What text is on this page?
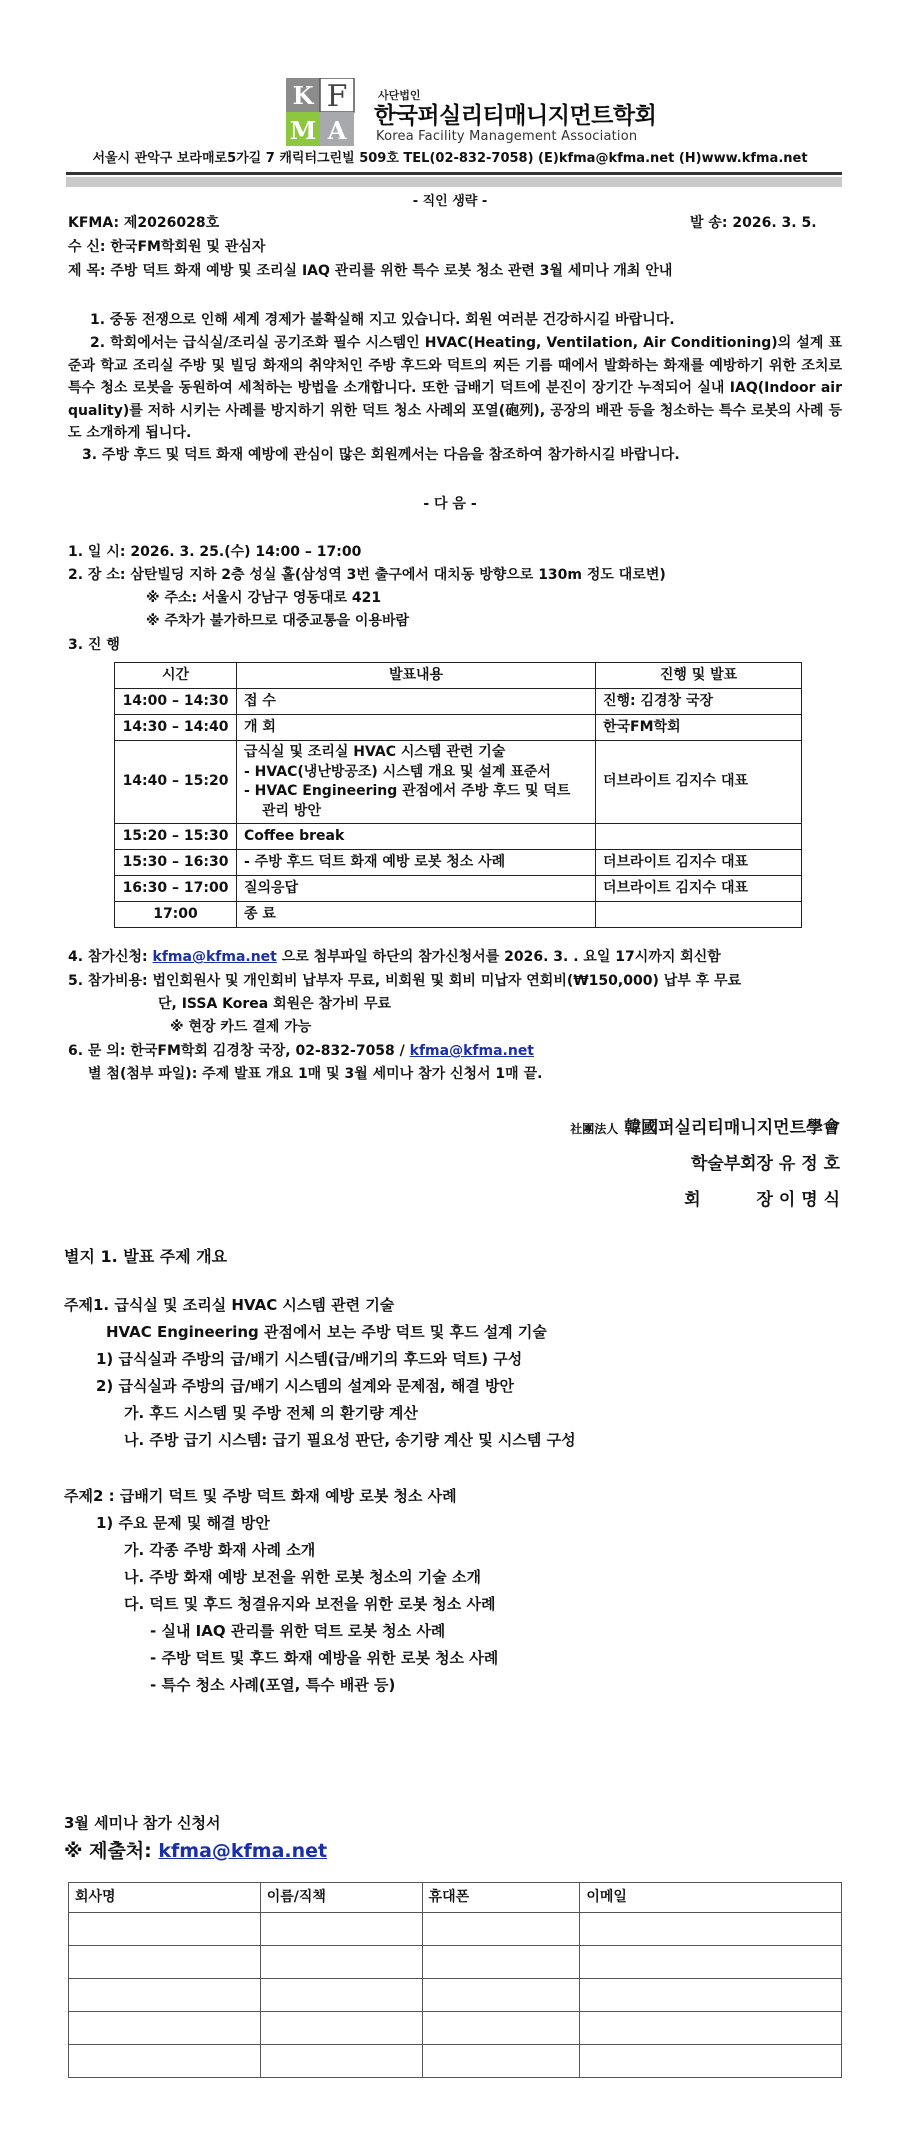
K F
M A
사단법인
한국퍼실리티매니지먼트학회
Korea Facility Management Association
서울시 관악구 보라매로5가길 7 캐릭터그린빌 509호 TEL(02-832-7058) (E)kfma@kfma.net (H)www.kfma.net
- 직인 생략 -
KFMA: 제2026028호	발 송: 2026. 3. 5.
수 신: 한국FM학회원 및 관심자
제 목: 주방 덕트 화재 예방 및 조리실 IAQ 관리를 위한 특수 로봇 청소 관련 3월 세미나 개최 안내

1. 중동 전쟁으로 인해 세계 경제가 불확실해 지고 있습니다. 회원 여러분 건강하시길 바랍니다.

2. 학회에서는 급식실/조리실 공기조화 필수 시스템인 HVAC(Heating, Ventilation, Air Conditioning)의 설계 표준과 학교 조리실 주방 및 빌딩 화재의 취약처인 주방 후드와 덕트의 찌든 기름 때에서 발화하는 화재를 예방하기 위한 조치로 특수 청소 로봇을 동원하여 세척하는 방법을 소개합니다. 또한 급배기 덕트에 분진이 장기간 누적되어 실내 IAQ(Indoor air quality)를 저하 시키는 사례를 방지하기 위한 덕트 청소 사례외 포열(砲列), 공장의 배관 등을 청소하는 특수 로봇의 사례 등도 소개하게 됩니다.

3. 주방 후드 및 덕트 화재 예방에 관심이 많은 회원께서는 다음을 참조하여 참가하시길 바랍니다.

- 다 음 -
1. 일 시: 2026. 3. 25.(수) 14:00 – 17:00
2. 장 소: 삼탄빌딩 지하 2층 성실 홀(삼성역 3번 출구에서 대치동 방향으로 130m 정도 대로변)
※ 주소: 서울시 강남구 영동대로 421
※ 주차가 불가하므로 대중교통을 이용바람
3. 진 행
시간	발표내용	진행 및 발표
14:00 – 14:30	접 수	진행: 김경창 국장
14:30 – 14:40	개 회	한국FM학회
14:40 – 15:20	급식실 및 조리실 HVAC 시스템 관련 기술
- HVAC(냉난방공조) 시스템 개요 및 설계 표준서
- HVAC Engineering 관점에서 주방 후드 및 덕트
관리 방안	더브라이트 김지수 대표
15:20 – 15:30	Coffee break	
15:30 – 16:30	- 주방 후드 덕트 화재 예방 로봇 청소 사례	더브라이트 김지수 대표
16:30 – 17:00	질의응답	더브라이트 김지수 대표
17:00	종 료	
4. 참가신청: kfma@kfma.net 으로 첨부파일 하단의 참가신청서를 2026. 3. . 요일 17시까지 회신함
5. 참가비용: 법인회원사 및 개인회비 납부자 무료, 비회원 및 회비 미납자 연회비(₩150,000) 납부 후 무료
단, ISSA Korea 회원은 참가비 무료
※ 현장 카드 결제 가능
6. 문 의: 한국FM학회 김경창 국장, 02-832-7058 / kfma@kfma.net
별 첨(첨부 파일): 주제 발표 개요 1매 및 3월 세미나 참가 신청서 1매 끝.
社團法人 韓國퍼실리티매니지먼트學會
학술부회장 유 정 호
회	장 이 명 식
별지 1. 발표 주제 개요
주제1. 급식실 및 조리실 HVAC 시스템 관련 기술
HVAC Engineering 관점에서 보는 주방 덕트 및 후드 설계 기술
1) 급식실과 주방의 급/배기 시스템(급/배기의 후드와 덕트) 구성
2) 급식실과 주방의 급/배기 시스템의 설계와 문제점, 해결 방안
가. 후드 시스템 및 주방 전체 의 환기량 계산
나. 주방 급기 시스템: 급기 필요성 판단, 송기량 계산 및 시스템 구성
주제2 : 급배기 덕트 및 주방 덕트 화재 예방 로봇 청소 사례
1) 주요 문제 및 해결 방안
가. 각종 주방 화재 사례 소개
나. 주방 화재 예방 보전을 위한 로봇 청소의 기술 소개
다. 덕트 및 후드 청결유지와 보전을 위한 로봇 청소 사례
- 실내 IAQ 관리를 위한 덕트 로봇 청소 사례
- 주방 덕트 및 후드 화재 예방을 위한 로봇 청소 사례
- 특수 청소 사례(포열, 특수 배관 등)
3월 세미나 참가 신청서
※ 제출처: kfma@kfma.net
회사명	이름/직책	휴대폰	이메일
